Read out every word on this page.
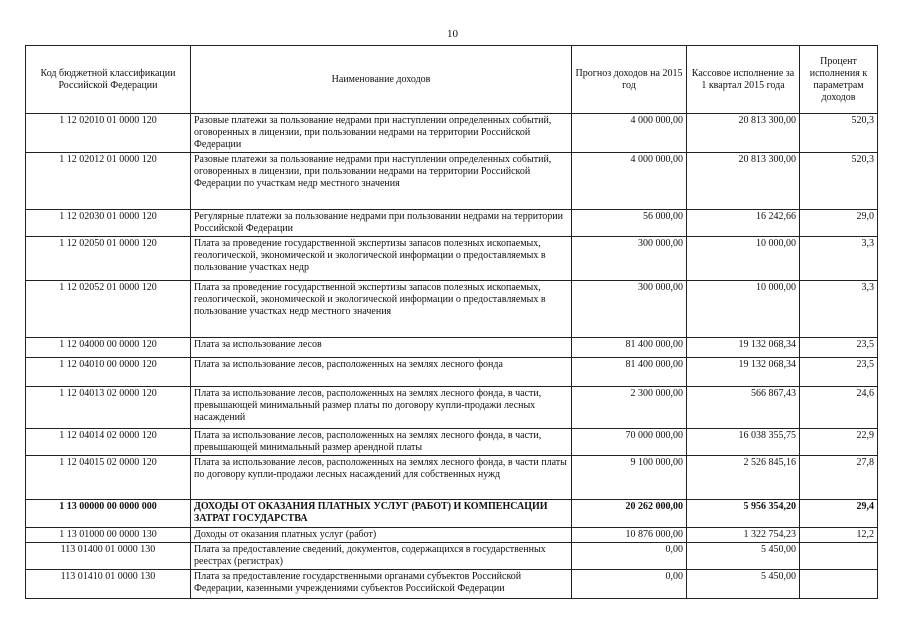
10
Код бюджетной классификации Российской Федерации	Наименование доходов	Прогноз доходов на 2015 год	Кассовое исполнение за 1 квартал 2015 года	Процент исполнения к параметрам доходов
1 12 02010 01 0000 120	Разовые платежи за пользование недрами при наступлении определенных событий, оговоренных в лицензии, при пользовании недрами на территории Российской Федерации	4 000 000,00	20 813 300,00	520,3
1 12 02012 01 0000 120	Разовые платежи за пользование недрами при наступлении определенных событий, оговоренных в лицензии, при пользовании недрами на территории Российской Федерации по участкам недр местного значения	4 000 000,00	20 813 300,00	520,3
1 12 02030 01 0000 120	Регулярные платежи за пользование недрами при пользовании недрами на территории Российской Федерации	56 000,00	16 242,66	29,0
1 12 02050 01 0000 120	Плата за проведение государственной экспертизы запасов полезных ископаемых, геологической, экономической и экологической информации о предоставляемых в пользование участках недр	300 000,00	10 000,00	3,3
1 12 02052 01 0000 120	Плата за проведение государственной экспертизы запасов полезных ископаемых, геологической, экономической и экологической информации о предоставляемых в пользование участках недр местного значения	300 000,00	10 000,00	3,3
1 12 04000 00 0000 120	Плата за использование лесов	81 400 000,00	19 132 068,34	23,5
1 12 04010 00 0000 120	Плата за использование лесов, расположенных на землях лесного фонда	81 400 000,00	19 132 068,34	23,5
1 12 04013 02 0000 120	Плата за использование лесов, расположенных на землях лесного фонда, в части, превышающей минимальный размер платы по договору купли-продажи лесных насаждений	2 300 000,00	566 867,43	24,6
1 12 04014 02 0000 120	Плата за использование лесов, расположенных на землях лесного фонда, в части, превышающей минимальный размер арендной платы	70 000 000,00	16 038 355,75	22,9
1 12 04015 02 0000 120	Плата за использование лесов, расположенных на землях лесного фонда, в части платы по договору купли-продажи лесных насаждений для собственных нужд	9 100 000,00	2 526 845,16	27,8
1 13 00000 00 0000 000	ДОХОДЫ ОТ ОКАЗАНИЯ ПЛАТНЫХ УСЛУГ (РАБОТ) И КОМПЕНСАЦИИ ЗАТРАТ ГОСУДАРСТВА	20 262 000,00	5 956 354,20	29,4
1 13 01000 00 0000 130	Доходы от оказания платных услуг (работ)	10 876 000,00	1 322 754,23	12,2
113 01400 01 0000 130	Плата за предоставление сведений, документов, содержащихся в государственных реестрах (регистрах)	0,00	5 450,00	
113 01410 01 0000 130	Плата за предоставление государственными органами субъектов Российской Федерации, казенными учреждениями субъектов Российской Федерации	0,00	5 450,00	
